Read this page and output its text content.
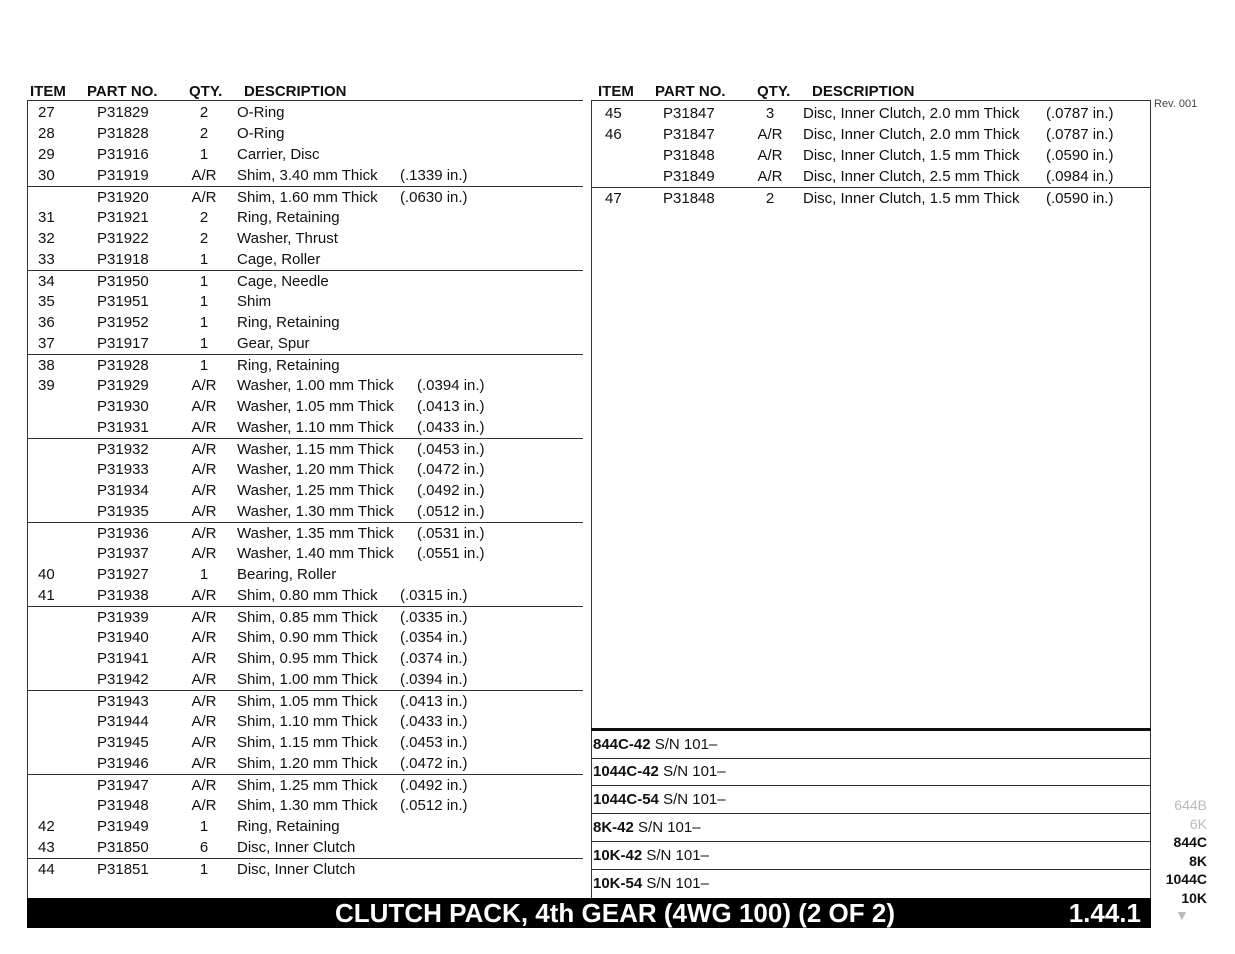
ITEM PART NO. QTY. DESCRIPTION	ITEM PART NO. QTY. DESCRIPTION
27	P31829	2	O-Ring
28	P31828	2	O-Ring
29	P31916	1	Carrier, Disc
30	P31919	A/R	Shim, 3.40 mm Thick (.1339 in.)
P31920	A/R	Shim, 1.60 mm Thick (.0630 in.)
31	P31921	2	Ring, Retaining
32	P31922	2	Washer, Thrust
33	P31918	1	Cage, Roller
34	P31950	1	Cage, Needle
35	P31951	1	Shim
36	P31952	1	Ring, Retaining
37	P31917	1	Gear, Spur
38	P31928	1	Ring, Retaining
39	P31929	A/R	Washer, 1.00 mm Thick (.0394 in.)
P31930	A/R	Washer, 1.05 mm Thick (.0413 in.)
P31931	A/R	Washer, 1.10 mm Thick (.0433 in.)
P31932	A/R	Washer, 1.15 mm Thick (.0453 in.)
P31933	A/R	Washer, 1.20 mm Thick (.0472 in.)
P31934	A/R	Washer, 1.25 mm Thick (.0492 in.)
P31935	A/R	Washer, 1.30 mm Thick (.0512 in.)
P31936	A/R	Washer, 1.35 mm Thick (.0531 in.)
P31937	A/R	Washer, 1.40 mm Thick (.0551 in.)
40	P31927	1	Bearing, Roller
41	P31938	A/R	Shim, 0.80 mm Thick (.0315 in.)
P31939	A/R	Shim, 0.85 mm Thick (.0335 in.)
P31940	A/R	Shim, 0.90 mm Thick (.0354 in.)
P31941	A/R	Shim, 0.95 mm Thick (.0374 in.)
P31942	A/R	Shim, 1.00 mm Thick (.0394 in.)
P31943	A/R	Shim, 1.05 mm Thick (.0413 in.)
P31944	A/R	Shim, 1.10 mm Thick (.0433 in.)
P31945	A/R	Shim, 1.15 mm Thick (.0453 in.)
P31946	A/R	Shim, 1.20 mm Thick (.0472 in.)
P31947	A/R	Shim, 1.25 mm Thick (.0492 in.)
P31948	A/R	Shim, 1.30 mm Thick (.0512 in.)
42	P31949	1	Ring, Retaining
43	P31850	6	Disc, Inner Clutch
44	P31851	1	Disc, Inner Clutch
45	P31847	3	Disc, Inner Clutch, 2.0 mm Thick (.0787 in.)
46	P31847	A/R	Disc, Inner Clutch, 2.0 mm Thick (.0787 in.)
P31848	A/R	Disc, Inner Clutch, 1.5 mm Thick (.0590 in.)
P31849	A/R	Disc, Inner Clutch, 2.5 mm Thick (.0984 in.)
47	P31848	2	Disc, Inner Clutch, 1.5 mm Thick (.0590 in.)
844C-42 S/N 101–
1044C-42 S/N 101–
1044C-54 S/N 101–
8K-42 S/N 101–
10K-42 S/N 101–
10K-54 S/N 101–
Rev. 001
CLUTCH PACK, 4th GEAR (4WG 100) (2 OF 2)	1.44.1
644B
6K
844C
8K
1044C
10K
▼
